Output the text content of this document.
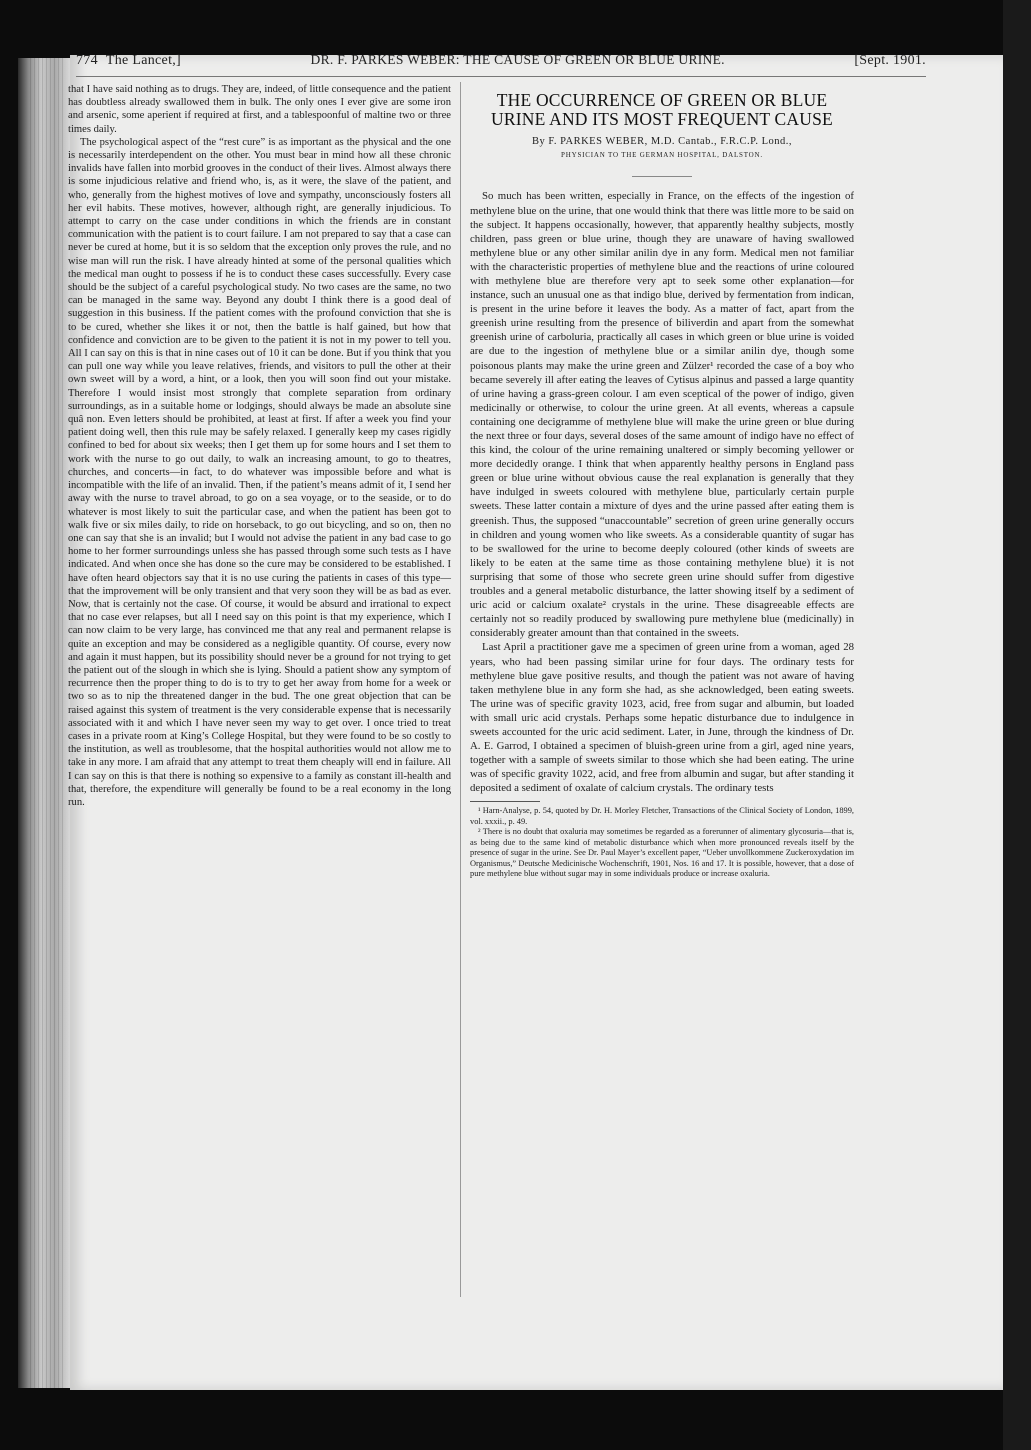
774 The Lancet,]	DR. F. PARKES WEBER: THE CAUSE OF GREEN OR BLUE URINE.	[Sept. 1901.

that I have said nothing as to drugs. They are, indeed, of little consequence and the patient has doubtless already swallowed them in bulk. The only ones I ever give are some iron and arsenic, some aperient if required at first, and a tablespoonful of maltine two or three times daily.

The psychological aspect of the “rest cure” is as important as the physical and the one is necessarily interdependent on the other. You must bear in mind how all these chronic invalids have fallen into morbid grooves in the conduct of their lives. Almost always there is some injudicious relative and friend who, is, as it were, the slave of the patient, and who, generally from the highest motives of love and sympathy, unconsciously fosters all her evil habits. These motives, however, although right, are generally injudicious. To attempt to carry on the case under conditions in which the friends are in constant communication with the patient is to court failure. I am not prepared to say that a case can never be cured at home, but it is so seldom that the exception only proves the rule, and no wise man will run the risk. I have already hinted at some of the personal qualities which the medical man ought to possess if he is to conduct these cases successfully. Every case should be the subject of a careful psychological study. No two cases are the same, no two can be managed in the same way. Beyond any doubt I think there is a good deal of suggestion in this business. If the patient comes with the profound conviction that she is to be cured, whether she likes it or not, then the battle is half gained, but how that confidence and conviction are to be given to the patient it is not in my power to tell you. All I can say on this is that in nine cases out of 10 it can be done. But if you think that you can pull one way while you leave relatives, friends, and visitors to pull the other at their own sweet will by a word, a hint, or a look, then you will soon find out your mistake. Therefore I would insist most strongly that complete separation from ordinary surroundings, as in a suitable home or lodgings, should always be made an absolute sine quâ non. Even letters should be prohibited, at least at first. If after a week you find your patient doing well, then this rule may be safely relaxed. I generally keep my cases rigidly confined to bed for about six weeks; then I get them up for some hours and I set them to work with the nurse to go out daily, to walk an increasing amount, to go to theatres, churches, and concerts—in fact, to do whatever was impossible before and what is incompatible with the life of an invalid. Then, if the patient’s means admit of it, I send her away with the nurse to travel abroad, to go on a sea voyage, or to the seaside, or to do whatever is most likely to suit the particular case, and when the patient has been got to walk five or six miles daily, to ride on horseback, to go out bicycling, and so on, then no one can say that she is an invalid; but I would not advise the patient in any bad case to go home to her former surroundings unless she has passed through some such tests as I have indicated. And when once she has done so the cure may be considered to be established. I have often heard objectors say that it is no use curing the patients in cases of this type—that the improvement will be only transient and that very soon they will be as bad as ever. Now, that is certainly not the case. Of course, it would be absurd and irrational to expect that no case ever relapses, but all I need say on this point is that my experience, which I can now claim to be very large, has convinced me that any real and permanent relapse is quite an exception and may be considered as a negligible quantity. Of course, every now and again it must happen, but its possibility should never be a ground for not trying to get the patient out of the slough in which she is lying. Should a patient show any symptom of recurrence then the proper thing to do is to try to get her away from home for a week or two so as to nip the threatened danger in the bud. The one great objection that can be raised against this system of treatment is the very considerable expense that is necessarily associated with it and which I have never seen my way to get over. I once tried to treat cases in a private room at King’s College Hospital, but they were found to be so costly to the institution, as well as troublesome, that the hospital authorities would not allow me to take in any more. I am afraid that any attempt to treat them cheaply will end in failure. All I can say on this is that there is nothing so expensive to a family as constant ill-health and that, therefore, the expenditure will generally be found to be a real economy in the long run.

THE OCCURRENCE OF GREEN OR BLUE URINE AND ITS MOST FREQUENT CAUSE
By F. PARKES WEBER, M.D. Cantab., F.R.C.P. Lond.,
PHYSICIAN TO THE GERMAN HOSPITAL, DALSTON.

So much has been written, especially in France, on the effects of the ingestion of methylene blue on the urine, that one would think that there was little more to be said on the subject. It happens occasionally, however, that apparently healthy subjects, mostly children, pass green or blue urine, though they are unaware of having swallowed methylene blue or any other similar anilin dye in any form. Medical men not familiar with the characteristic properties of methylene blue and the reactions of urine coloured with methylene blue are therefore very apt to seek some other explanation—for instance, such an unusual one as that indigo blue, derived by fermentation from indican, is present in the urine before it leaves the body. As a matter of fact, apart from the greenish urine resulting from the presence of biliverdin and apart from the somewhat greenish urine of carboluria, practically all cases in which green or blue urine is voided are due to the ingestion of methylene blue or a similar anilin dye, though some poisonous plants may make the urine green and Zülzer¹ recorded the case of a boy who became severely ill after eating the leaves of Cytisus alpinus and passed a large quantity of urine having a grass-green colour. I am even sceptical of the power of indigo, given medicinally or otherwise, to colour the urine green. At all events, whereas a capsule containing one decigramme of methylene blue will make the urine green or blue during the next three or four days, several doses of the same amount of indigo have no effect of this kind, the colour of the urine remaining unaltered or simply becoming yellower or more decidedly orange. I think that when apparently healthy persons in England pass green or blue urine without obvious cause the real explanation is generally that they have indulged in sweets coloured with methylene blue, particularly certain purple sweets. These latter contain a mixture of dyes and the urine passed after eating them is greenish. Thus, the supposed “unaccountable” secretion of green urine generally occurs in children and young women who like sweets. As a considerable quantity of sugar has to be swallowed for the urine to become deeply coloured (other kinds of sweets are likely to be eaten at the same time as those containing methylene blue) it is not surprising that some of those who secrete green urine should suffer from digestive troubles and a general metabolic disturbance, the latter showing itself by a sediment of uric acid or calcium oxalate² crystals in the urine. These disagreeable effects are certainly not so readily produced by swallowing pure methylene blue (medicinally) in considerably greater amount than that contained in the sweets.

Last April a practitioner gave me a specimen of green urine from a woman, aged 28 years, who had been passing similar urine for four days. The ordinary tests for methylene blue gave positive results, and though the patient was not aware of having taken methylene blue in any form she had, as she acknowledged, been eating sweets. The urine was of specific gravity 1023, acid, free from sugar and albumin, but loaded with small uric acid crystals. Perhaps some hepatic disturbance due to indulgence in sweets accounted for the uric acid sediment. Later, in June, through the kindness of Dr. A. E. Garrod, I obtained a specimen of bluish-green urine from a girl, aged nine years, together with a sample of sweets similar to those which she had been eating. The urine was of specific gravity 1022, acid, and free from albumin and sugar, but after standing it deposited a sediment of oxalate of calcium crystals. The ordinary tests

¹ Harn-Analyse, p. 54, quoted by Dr. H. Morley Fletcher, Transactions of the Clinical Society of London, 1899, vol. xxxii., p. 49.

² There is no doubt that oxaluria may sometimes be regarded as a forerunner of alimentary glycosuria—that is, as being due to the same kind of metabolic disturbance which when more pronounced reveals itself by the presence of sugar in the urine. See Dr. Paul Mayer’s excellent paper, “Ueber unvollkommene Zuckeroxydation im Organismus,” Deutsche Medicinische Wochenschrift, 1901, Nos. 16 and 17. It is possible, however, that a dose of pure methylene blue without sugar may in some individuals produce or increase oxaluria.
